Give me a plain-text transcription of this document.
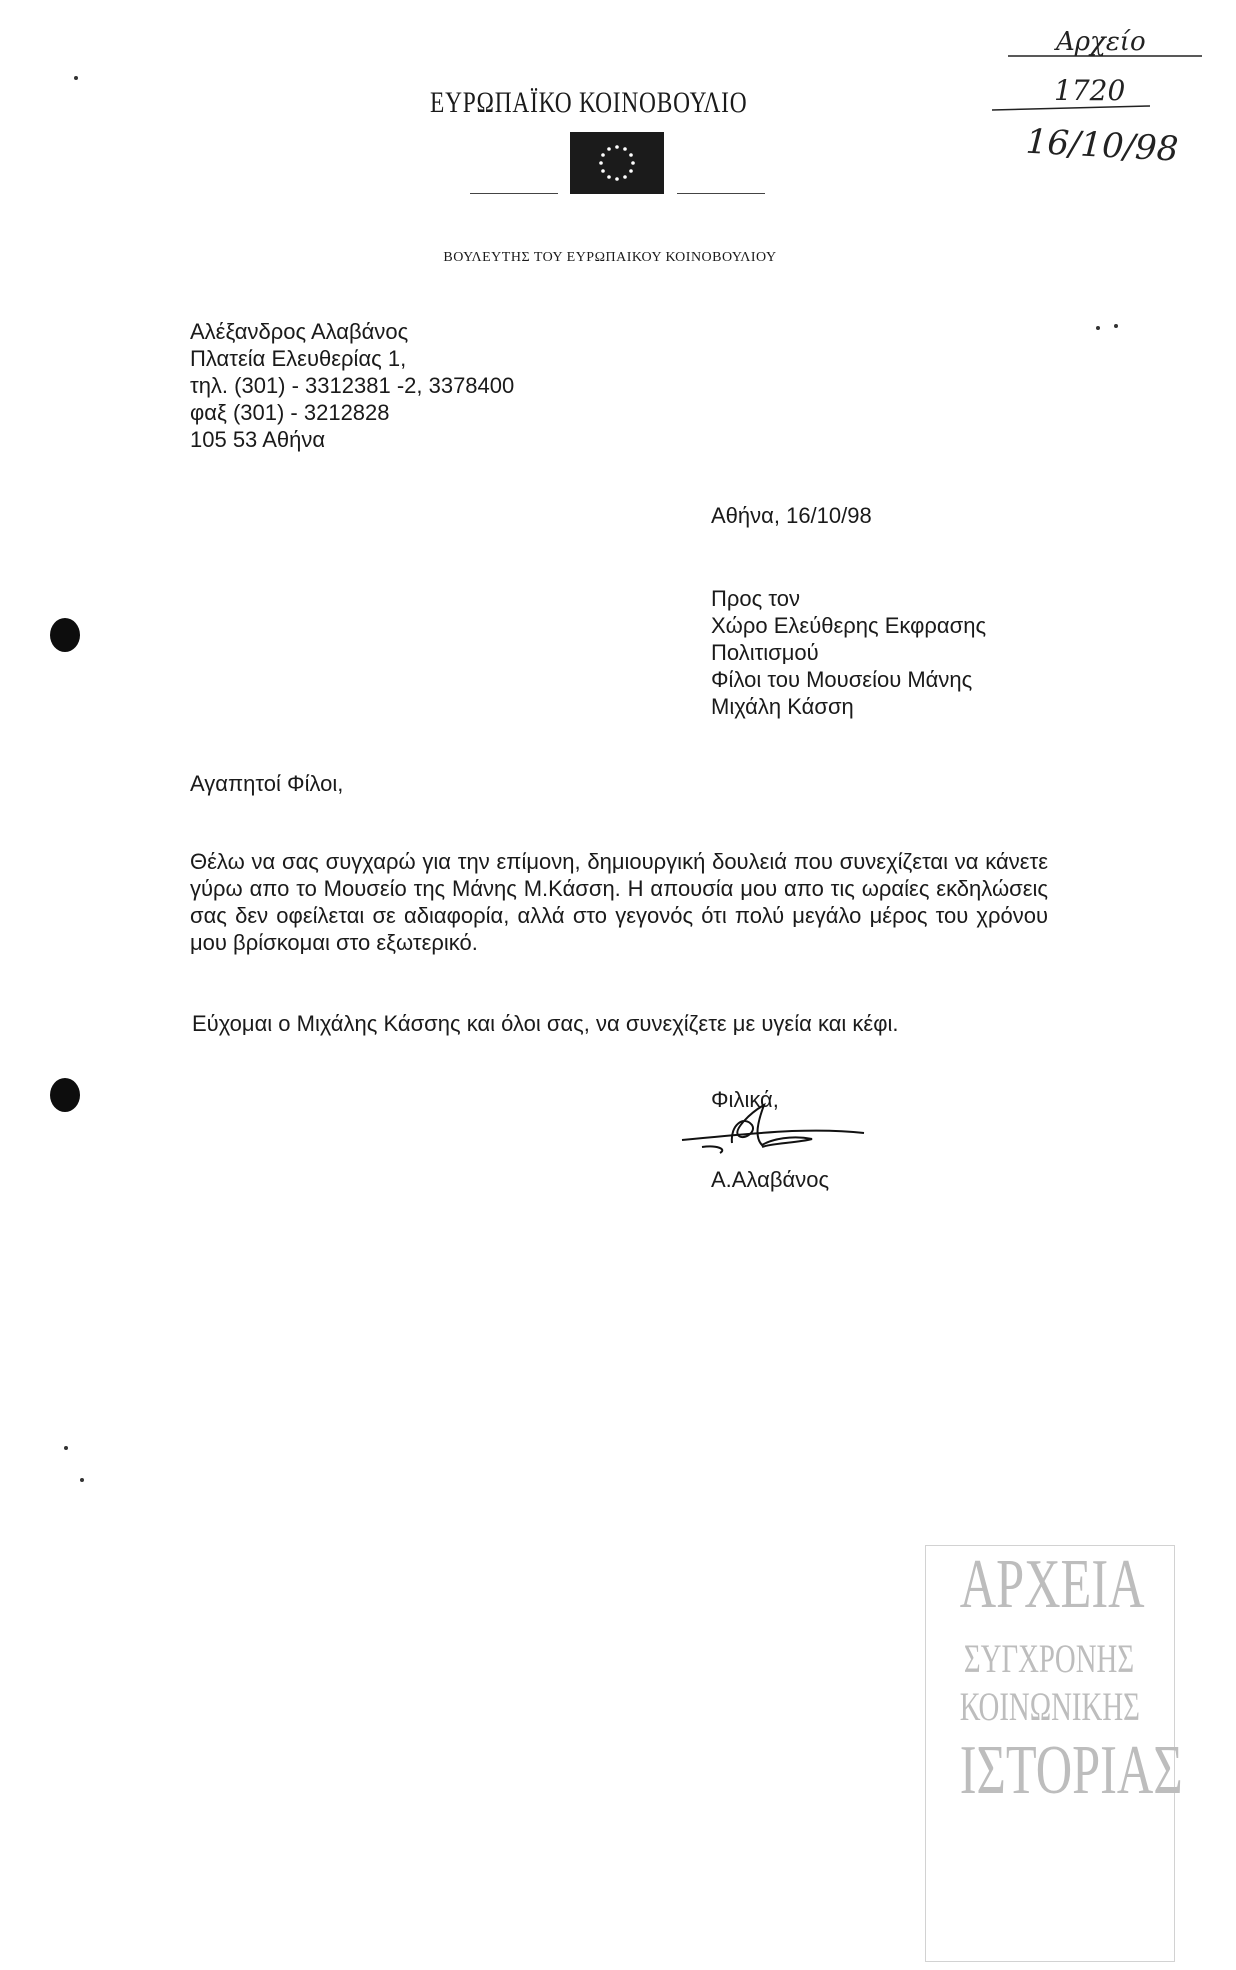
ΕΥΡΩΠΑΪΚΟ ΚΟΙΝΟΒΟΥΛΙΟ
ΒΟΥΛΕΥΤΗΣ ΤΟΥ ΕΥΡΩΠΑΙΚΟΥ ΚΟΙΝΟΒΟΥΛΙΟΥ
Αρχείο
1720
16/10/98
Αλέξανδρος Αλαβάνος
Πλατεία Ελευθερίας 1,
τηλ. (301) - 3312381 -2, 3378400
φαξ (301) - 3212828
105 53 Αθήνα
Αθήνα, 16/10/98
Προς τον
Χώρο Ελεύθερης Εκφρασης
Πολιτισμού
Φίλοι του Μουσείου Μάνης
Μιχάλη Κάσση
Αγαπητοί Φίλοι,

Θέλω να σας συγχαρώ για την επίμονη, δημιουργική δουλειά που συνεχίζεται να κάνετε γύρω απο το Μουσείο της Μάνης Μ.Κάσση. Η απουσία μου απο τις ωραίες εκδηλώσεις σας δεν οφείλεται σε αδιαφορία, αλλά στο γεγονός ότι πολύ μεγάλο μέρος του χρόνου μου βρίσκομαι στο εξωτερικό.

Εύχομαι ο Μιχάλης Κάσσης και όλοι σας, να συνεχίζετε με υγεία και κέφι.
Φιλικά,
Α.Αλαβάνος
ΑΡΧΕΙΑ
ΣΥΓΧΡΟΝΗΣ
ΚΟΙΝΩΝΙΚΗΣ
ΙΣΤΟΡΙΑΣ
